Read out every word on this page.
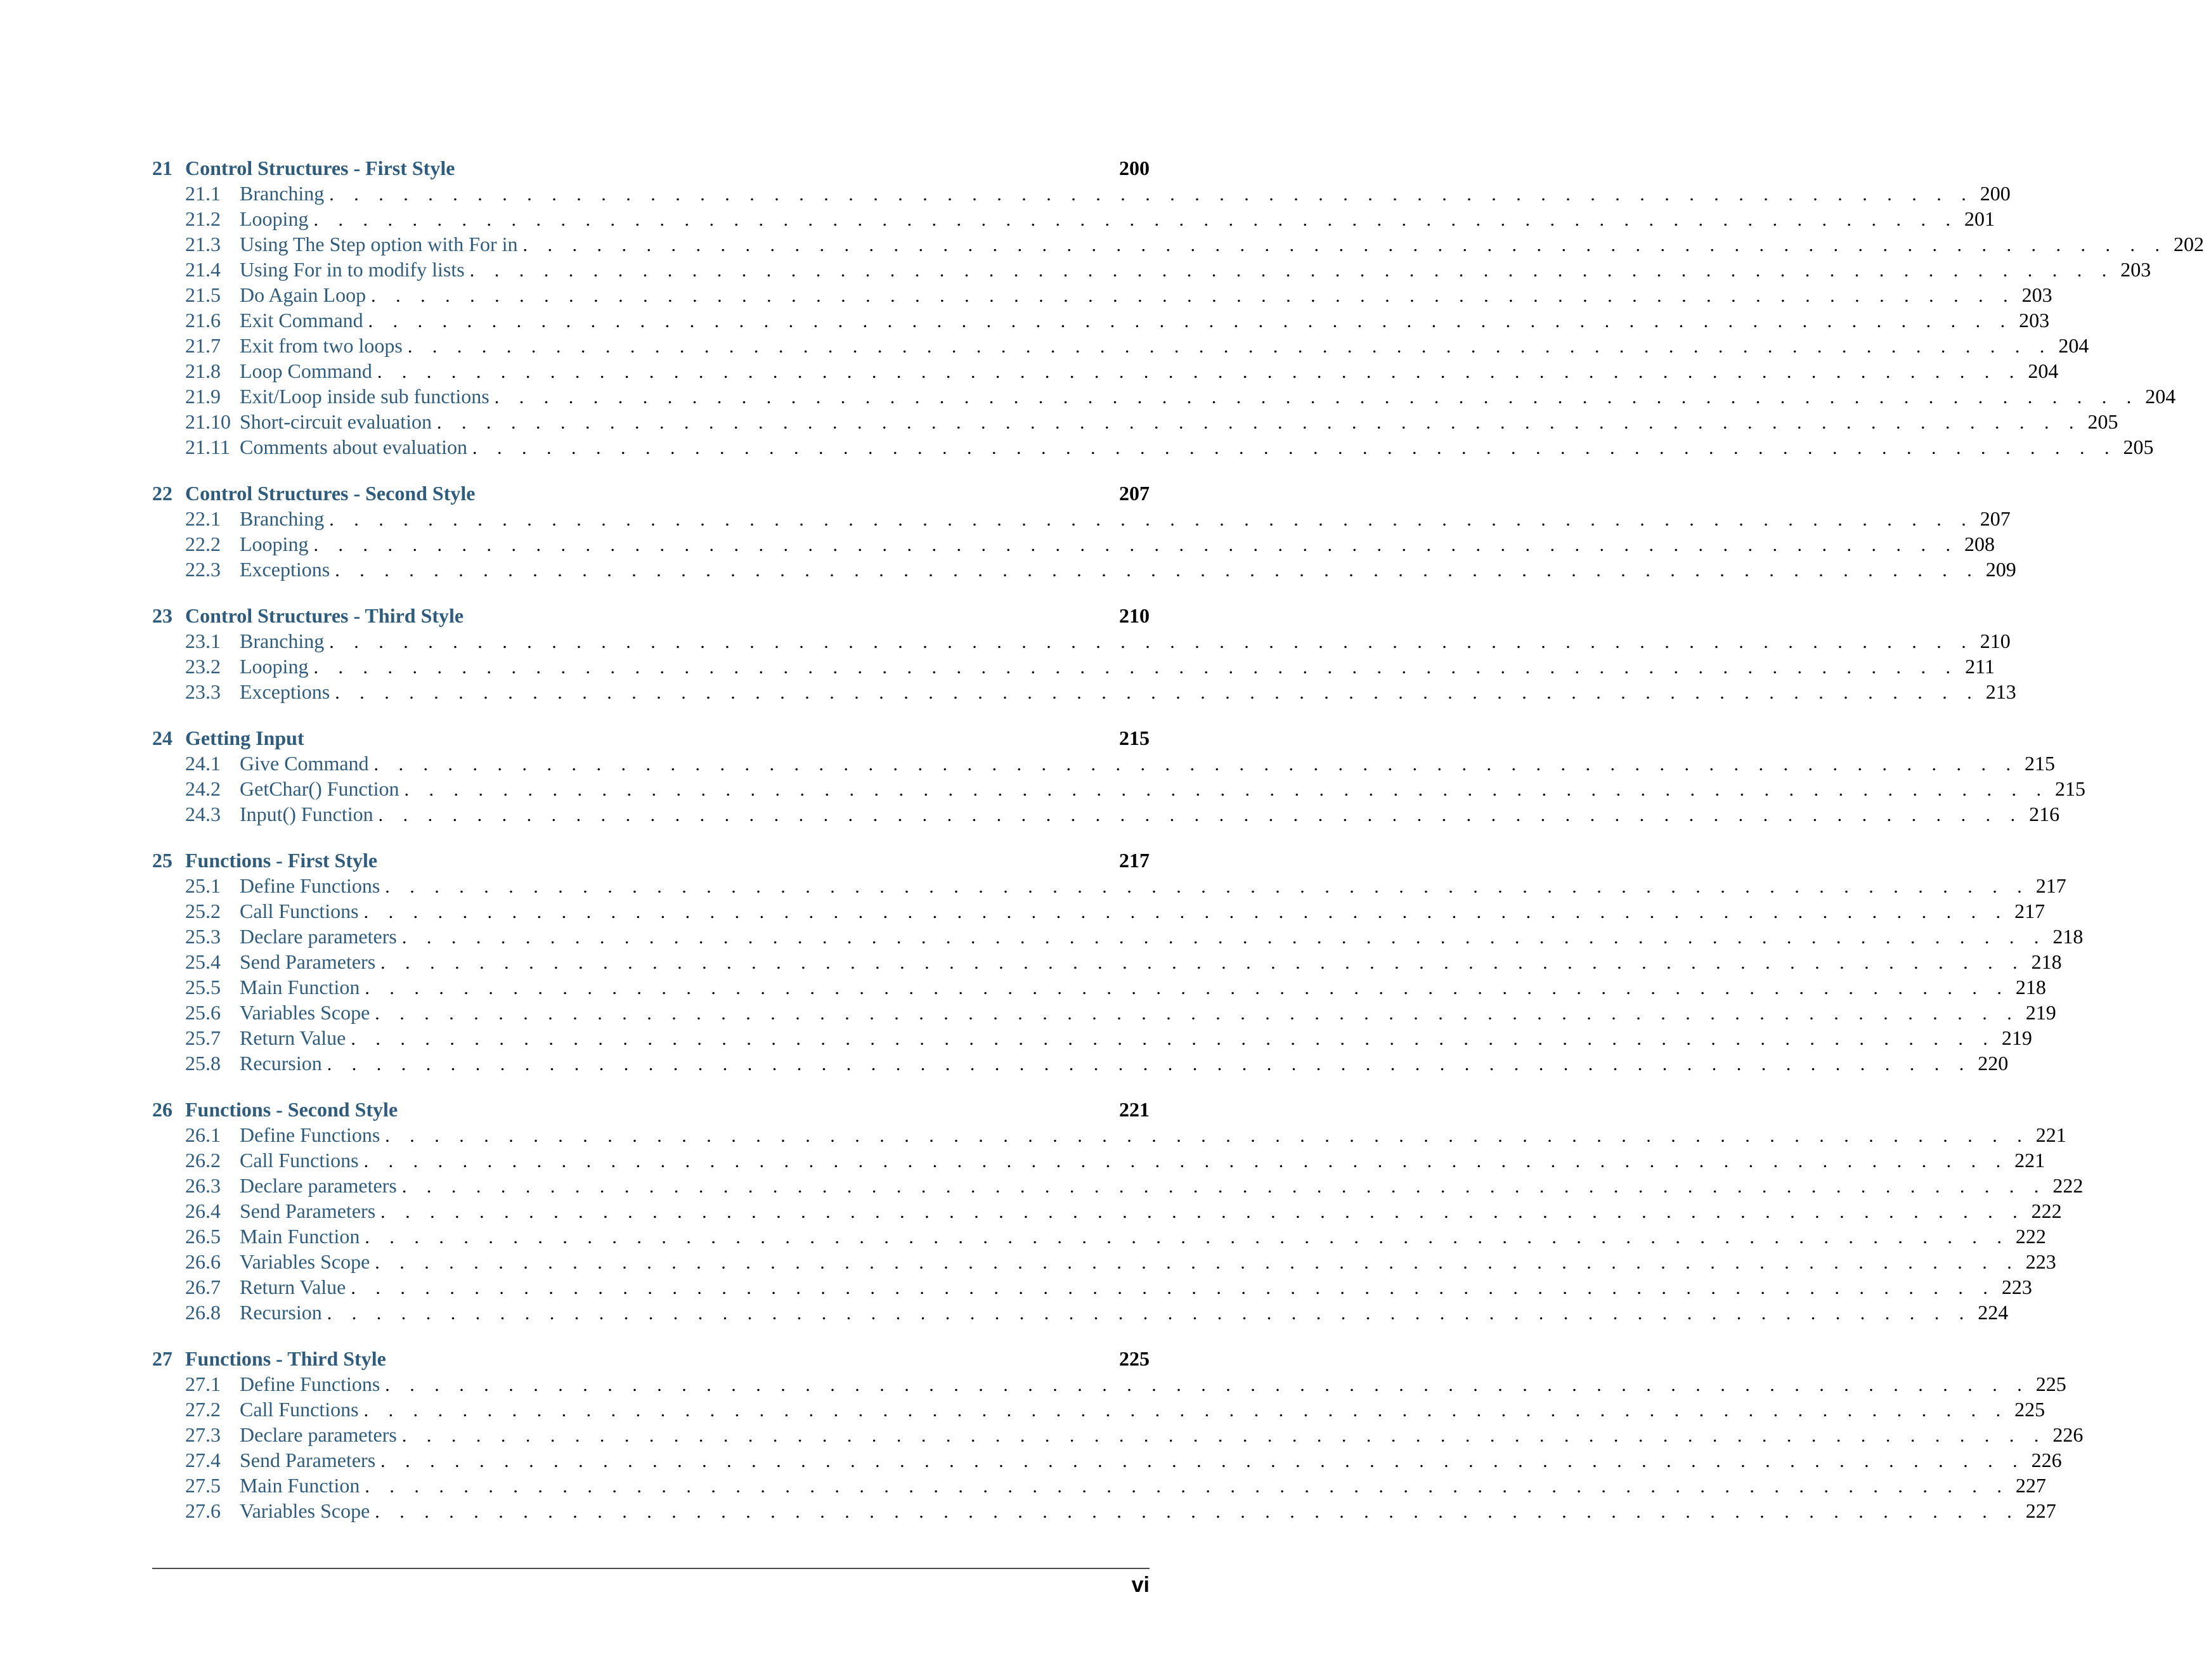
21 Control Structures - First Style	200
21.1 Branching . . . . . . . . . . . . . . . . . . . . . . . . . . . . . . . . . . . . . . . . . . . . . . . . . . . . . . . . . . . . . . . . . . . 200
21.2 Looping . . . . . . . . . . . . . . . . . . . . . . . . . . . . . . . . . . . . . . . . . . . . . . . . . . . . . . . . . . . . . . . . . . . 201
21.3 Using The Step option with For in . . . . . . . . . . . . . . . . . . . . . . . . . . . . . . . . . . . . . . . . . . . . . . . . . . . . . . . . . . . . . . . . . . . 202
21.4 Using For in to modify lists . . . . . . . . . . . . . . . . . . . . . . . . . . . . . . . . . . . . . . . . . . . . . . . . . . . . . . . . . . . . . . . . . . . 203
21.5 Do Again Loop . . . . . . . . . . . . . . . . . . . . . . . . . . . . . . . . . . . . . . . . . . . . . . . . . . . . . . . . . . . . . . . . . . . 203
21.6 Exit Command . . . . . . . . . . . . . . . . . . . . . . . . . . . . . . . . . . . . . . . . . . . . . . . . . . . . . . . . . . . . . . . . . . . 203
21.7 Exit from two loops . . . . . . . . . . . . . . . . . . . . . . . . . . . . . . . . . . . . . . . . . . . . . . . . . . . . . . . . . . . . . . . . . . . 204
21.8 Loop Command . . . . . . . . . . . . . . . . . . . . . . . . . . . . . . . . . . . . . . . . . . . . . . . . . . . . . . . . . . . . . . . . . . . 204
21.9 Exit/Loop inside sub functions . . . . . . . . . . . . . . . . . . . . . . . . . . . . . . . . . . . . . . . . . . . . . . . . . . . . . . . . . . . . . . . . . . . 204
21.10 Short-circuit evaluation . . . . . . . . . . . . . . . . . . . . . . . . . . . . . . . . . . . . . . . . . . . . . . . . . . . . . . . . . . . . . . . . . . . 205
21.11 Comments about evaluation . . . . . . . . . . . . . . . . . . . . . . . . . . . . . . . . . . . . . . . . . . . . . . . . . . . . . . . . . . . . . . . . . . . 205
22 Control Structures - Second Style	207
22.1 Branching . . . . . . . . . . . . . . . . . . . . . . . . . . . . . . . . . . . . . . . . . . . . . . . . . . . . . . . . . . . . . . . . . . . 207
22.2 Looping . . . . . . . . . . . . . . . . . . . . . . . . . . . . . . . . . . . . . . . . . . . . . . . . . . . . . . . . . . . . . . . . . . . 208
22.3 Exceptions . . . . . . . . . . . . . . . . . . . . . . . . . . . . . . . . . . . . . . . . . . . . . . . . . . . . . . . . . . . . . . . . . . . 209
23 Control Structures - Third Style	210
23.1 Branching . . . . . . . . . . . . . . . . . . . . . . . . . . . . . . . . . . . . . . . . . . . . . . . . . . . . . . . . . . . . . . . . . . . 210
23.2 Looping . . . . . . . . . . . . . . . . . . . . . . . . . . . . . . . . . . . . . . . . . . . . . . . . . . . . . . . . . . . . . . . . . . . 211
23.3 Exceptions . . . . . . . . . . . . . . . . . . . . . . . . . . . . . . . . . . . . . . . . . . . . . . . . . . . . . . . . . . . . . . . . . . . 213
24 Getting Input	215
24.1 Give Command . . . . . . . . . . . . . . . . . . . . . . . . . . . . . . . . . . . . . . . . . . . . . . . . . . . . . . . . . . . . . . . . . . . 215
24.2 GetChar() Function . . . . . . . . . . . . . . . . . . . . . . . . . . . . . . . . . . . . . . . . . . . . . . . . . . . . . . . . . . . . . . . . . . . 215
24.3 Input() Function . . . . . . . . . . . . . . . . . . . . . . . . . . . . . . . . . . . . . . . . . . . . . . . . . . . . . . . . . . . . . . . . . . . 216
25 Functions - First Style	217
25.1 Define Functions . . . . . . . . . . . . . . . . . . . . . . . . . . . . . . . . . . . . . . . . . . . . . . . . . . . . . . . . . . . . . . . . . . . 217
25.2 Call Functions . . . . . . . . . . . . . . . . . . . . . . . . . . . . . . . . . . . . . . . . . . . . . . . . . . . . . . . . . . . . . . . . . . . 217
25.3 Declare parameters . . . . . . . . . . . . . . . . . . . . . . . . . . . . . . . . . . . . . . . . . . . . . . . . . . . . . . . . . . . . . . . . . . . 218
25.4 Send Parameters . . . . . . . . . . . . . . . . . . . . . . . . . . . . . . . . . . . . . . . . . . . . . . . . . . . . . . . . . . . . . . . . . . . 218
25.5 Main Function . . . . . . . . . . . . . . . . . . . . . . . . . . . . . . . . . . . . . . . . . . . . . . . . . . . . . . . . . . . . . . . . . . . 218
25.6 Variables Scope . . . . . . . . . . . . . . . . . . . . . . . . . . . . . . . . . . . . . . . . . . . . . . . . . . . . . . . . . . . . . . . . . . . 219
25.7 Return Value . . . . . . . . . . . . . . . . . . . . . . . . . . . . . . . . . . . . . . . . . . . . . . . . . . . . . . . . . . . . . . . . . . . 219
25.8 Recursion . . . . . . . . . . . . . . . . . . . . . . . . . . . . . . . . . . . . . . . . . . . . . . . . . . . . . . . . . . . . . . . . . . . 220
26 Functions - Second Style	221
26.1 Define Functions . . . . . . . . . . . . . . . . . . . . . . . . . . . . . . . . . . . . . . . . . . . . . . . . . . . . . . . . . . . . . . . . . . . 221
26.2 Call Functions . . . . . . . . . . . . . . . . . . . . . . . . . . . . . . . . . . . . . . . . . . . . . . . . . . . . . . . . . . . . . . . . . . . 221
26.3 Declare parameters . . . . . . . . . . . . . . . . . . . . . . . . . . . . . . . . . . . . . . . . . . . . . . . . . . . . . . . . . . . . . . . . . . . 222
26.4 Send Parameters . . . . . . . . . . . . . . . . . . . . . . . . . . . . . . . . . . . . . . . . . . . . . . . . . . . . . . . . . . . . . . . . . . . 222
26.5 Main Function . . . . . . . . . . . . . . . . . . . . . . . . . . . . . . . . . . . . . . . . . . . . . . . . . . . . . . . . . . . . . . . . . . . 222
26.6 Variables Scope . . . . . . . . . . . . . . . . . . . . . . . . . . . . . . . . . . . . . . . . . . . . . . . . . . . . . . . . . . . . . . . . . . . 223
26.7 Return Value . . . . . . . . . . . . . . . . . . . . . . . . . . . . . . . . . . . . . . . . . . . . . . . . . . . . . . . . . . . . . . . . . . . 223
26.8 Recursion . . . . . . . . . . . . . . . . . . . . . . . . . . . . . . . . . . . . . . . . . . . . . . . . . . . . . . . . . . . . . . . . . . . 224
27 Functions - Third Style	225
27.1 Define Functions . . . . . . . . . . . . . . . . . . . . . . . . . . . . . . . . . . . . . . . . . . . . . . . . . . . . . . . . . . . . . . . . . . . 225
27.2 Call Functions . . . . . . . . . . . . . . . . . . . . . . . . . . . . . . . . . . . . . . . . . . . . . . . . . . . . . . . . . . . . . . . . . . . 225
27.3 Declare parameters . . . . . . . . . . . . . . . . . . . . . . . . . . . . . . . . . . . . . . . . . . . . . . . . . . . . . . . . . . . . . . . . . . . 226
27.4 Send Parameters . . . . . . . . . . . . . . . . . . . . . . . . . . . . . . . . . . . . . . . . . . . . . . . . . . . . . . . . . . . . . . . . . . . 226
27.5 Main Function . . . . . . . . . . . . . . . . . . . . . . . . . . . . . . . . . . . . . . . . . . . . . . . . . . . . . . . . . . . . . . . . . . . 227
27.6 Variables Scope . . . . . . . . . . . . . . . . . . . . . . . . . . . . . . . . . . . . . . . . . . . . . . . . . . . . . . . . . . . . . . . . . . . 227
vi
